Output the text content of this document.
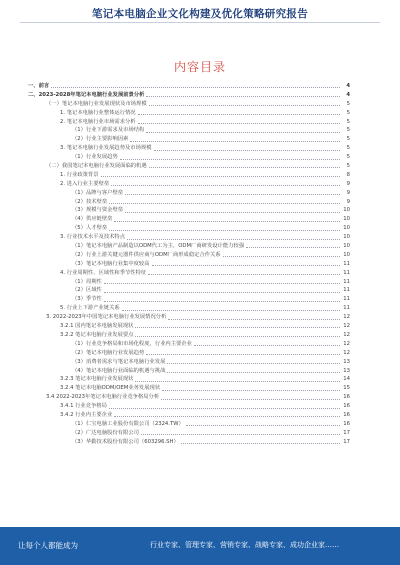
笔记本电脑企业文化构建及优化策略研究报告
内容目录
一、前言	4
二、2023-2028年笔记本电脑行业发展前景分析	4
（一）笔记本电脑行业发展现状及市场规模	5
1. 笔记本电脑行业整体运行情况	5
2. 笔记本电脑行业市场需求分析	5
（1）行业下游需求及市场结构	5
（2）行业主要影响因素	5
3. 笔记本电脑行业发展趋势及市场规模	5
（1）行业发展趋势	5
（二）我国笔记本电脑行业发展面临的机遇	5
1. 行业政策背景	8
2. 进入行业主要壁垒	9
（1）品牌与客户壁垒	9
（2）技术壁垒	9
（3）规模与资金壁垒	10
（4）供应链壁垒	10
（5）人才壁垒	10
3. 行业技术水平及技术特点	10
（1）笔记本电脑产品制造以ODM代工为主，ODM厂商研发设计能力较强	10
（2）行业上游关键元器件供应商与ODM厂商形成稳定合作关系	10
（3）笔记本电脑行业集中度较高	11
4. 行业周期性、区域性和季节性特征	11
（1）周期性	11
（2）区域性	11
（3）季节性	11
5. 行业上下游产业链关系	11
3. 2022-2023年中国笔记本电脑行业发展情况分析	12
3.2.1 国内笔记本电脑发展现状	12
3.2.2 笔记本电脑行业发展要点	12
（1）行业竞争格局和市场化程度，行业内主要企业	12
（2）笔记本电脑行业发展趋势	12
（3）消费者需求与笔记本电脑行业发展	13
（4）笔记本电脑行业面临的机遇与挑战	13
3.2.3 笔记本电脑行业发展现状	14
3.2.4 笔记本电脑ODM/OEM业务发展现状	15
3.4 2022-2023年笔记本电脑行业竞争格局分析	16
3.4.1 行业竞争格局	16
3.4.2 行业内主要企业	16
（1）仁宝电脑工业股份有限公司（2324.TW）	16
（2）广达电脑股份有限公司	17
（3）华勤技术股份有限公司（603296.SH）	17
让每个人都能成为	行业专家、管理专家、营销专家、战略专家、成功企业家……
